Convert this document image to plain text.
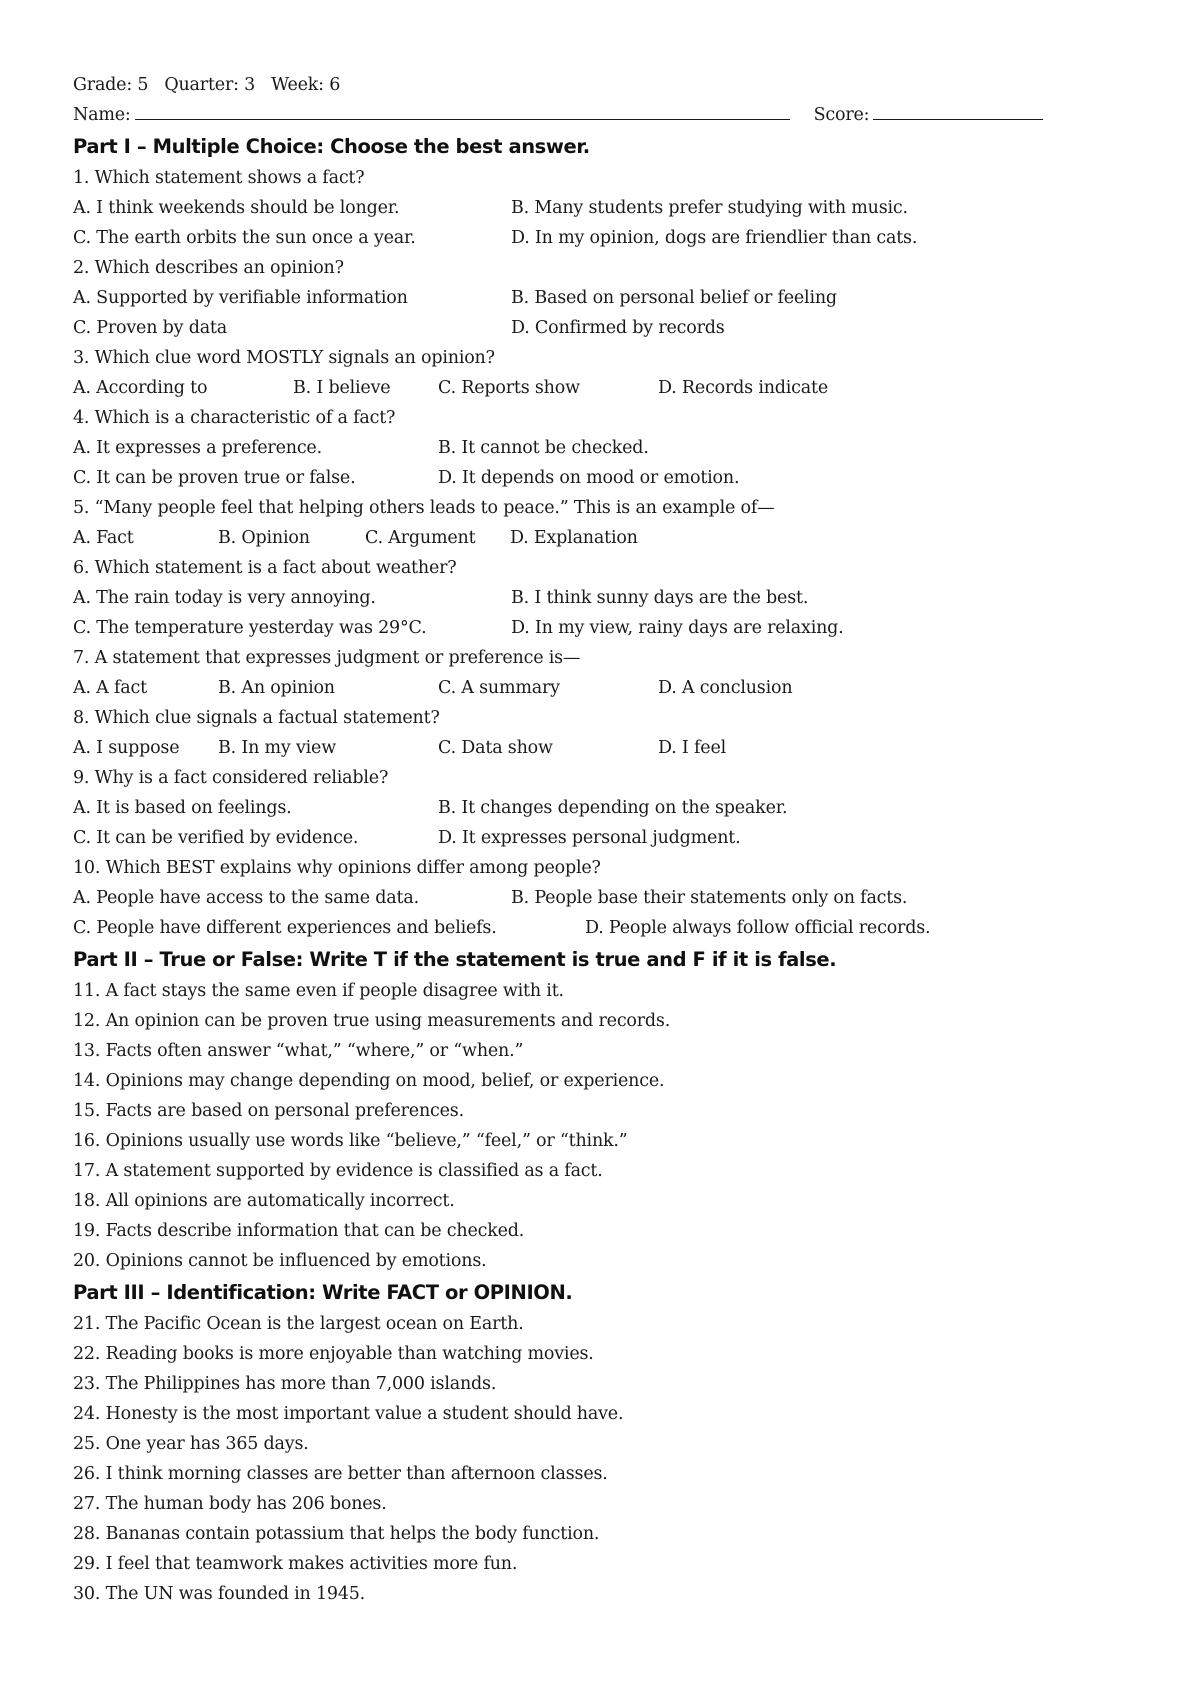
Grade: 5 Quarter: 3 Week: 6
Name:	Score:
Part I – Multiple Choice: Choose the best answer.
1. Which statement shows a fact?
A. I think weekends should be longer.	B. Many students prefer studying with music.
C. The earth orbits the sun once a year.	D. In my opinion, dogs are friendlier than cats.
2. Which describes an opinion?
A. Supported by verifiable information	B. Based on personal belief or feeling
C. Proven by data	D. Confirmed by records
3. Which clue word MOSTLY signals an opinion?
A. According to	B. I believe	C. Reports show	D. Records indicate
4. Which is a characteristic of a fact?
A. It expresses a preference.	B. It cannot be checked.
C. It can be proven true or false.	D. It depends on mood or emotion.
5. “Many people feel that helping others leads to peace.” This is an example of—
A. Fact	B. Opinion	C. Argument D. Explanation
6. Which statement is a fact about weather?
A. The rain today is very annoying.	B. I think sunny days are the best.
C. The temperature yesterday was 29°C.	D. In my view, rainy days are relaxing.
7. A statement that expresses judgment or preference is—
A. A fact	B. An opinion	C. A summary	D. A conclusion
8. Which clue signals a factual statement?
A. I suppose B. In my view	C. Data show	D. I feel
9. Why is a fact considered reliable?
A. It is based on feelings.	B. It changes depending on the speaker.
C. It can be verified by evidence.	D. It expresses personal judgment.
10. Which BEST explains why opinions differ among people?
A. People have access to the same data.	B. People base their statements only on facts.
C. People have different experiences and beliefs.	D. People always follow official records.
Part II – True or False: Write T if the statement is true and F if it is false.
11. A fact stays the same even if people disagree with it.
12. An opinion can be proven true using measurements and records.
13. Facts often answer “what,” “where,” or “when.”
14. Opinions may change depending on mood, belief, or experience.
15. Facts are based on personal preferences.
16. Opinions usually use words like “believe,” “feel,” or “think.”
17. A statement supported by evidence is classified as a fact.
18. All opinions are automatically incorrect.
19. Facts describe information that can be checked.
20. Opinions cannot be influenced by emotions.
Part III – Identification: Write FACT or OPINION.
21. The Pacific Ocean is the largest ocean on Earth.
22. Reading books is more enjoyable than watching movies.
23. The Philippines has more than 7,000 islands.
24. Honesty is the most important value a student should have.
25. One year has 365 days.
26. I think morning classes are better than afternoon classes.
27. The human body has 206 bones.
28. Bananas contain potassium that helps the body function.
29. I feel that teamwork makes activities more fun.
30. The UN was founded in 1945.
